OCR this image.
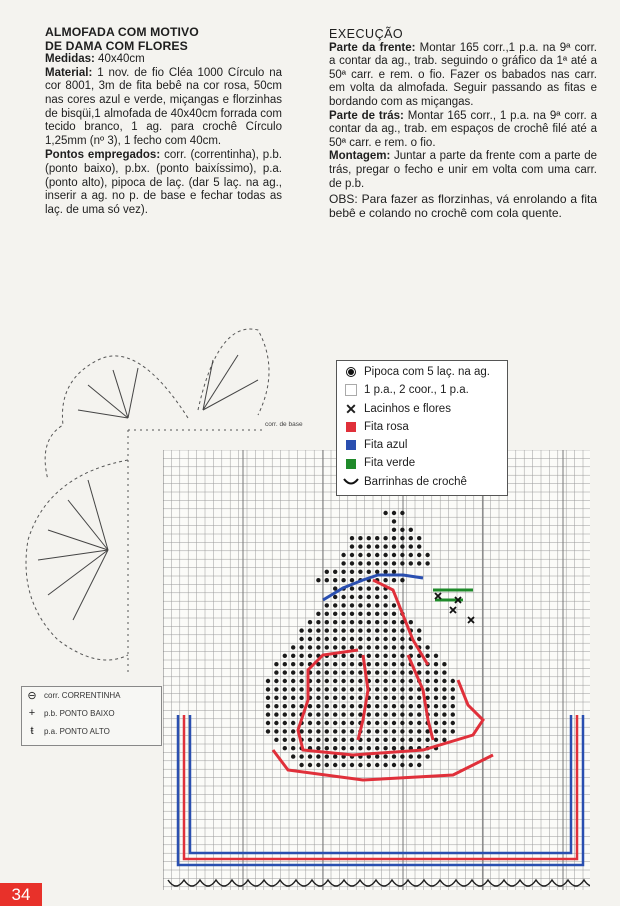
ALMOFADA COM MOTIVO
DE DAMA COM FLORES
Medidas: 40x40cm
Material: 1 nov. de fio Cléa 1000 Círculo na cor 8001, 3m de fita bebê na cor rosa, 50cm nas cores azul e verde, miçangas e florzinhas de bisqüi,1 almofada de 40x40cm forrada com tecido branco, 1 ag. para crochê Círculo 1,25mm (nº 3), 1 fecho com 40cm.
Pontos empregados: corr. (correntinha), p.b. (ponto baixo), p.bx. (ponto baixíssimo), p.a. (ponto alto), pipoca de laç. (dar 5 laç. na ag., inserir a ag. no p. de base e fechar todas as laç. de uma só vez).
EXECUÇÃO
Parte da frente: Montar 165 corr.,1 p.a. na 9ª corr. a contar da ag., trab. seguindo o gráfico da 1ª até a 50ª carr. e rem. o fio. Fazer os babados nas carr. em volta da almofada. Seguir passando as fitas e bordando com as miçangas.
Parte de trás: Montar 165 corr., 1 p.a. na 9ª corr. a contar da ag., trab. em espaços de crochê filé até a 50ª carr. e rem. o fio.
Montagem: Juntar a parte da frente com a parte de trás, pregar o fecho e unir em volta com uma carr. de p.b.
OBS: Para fazer as florzinhas, vá enrolando a fita bebê e colando no crochê com cola quente.
corr. de base
⊖ corr.
CORRENTINHA
+	p.b.
PONTO BAIXO
ŧ	p.a.
PONTO ALTO
Pipoca com 5 laç. na ag.
1 p.a., 2 coor., 1 p.a.
✕ Lacinhos e flores
Fita rosa
Fita azul
Fita verde
Barrinhas de crochê
34
